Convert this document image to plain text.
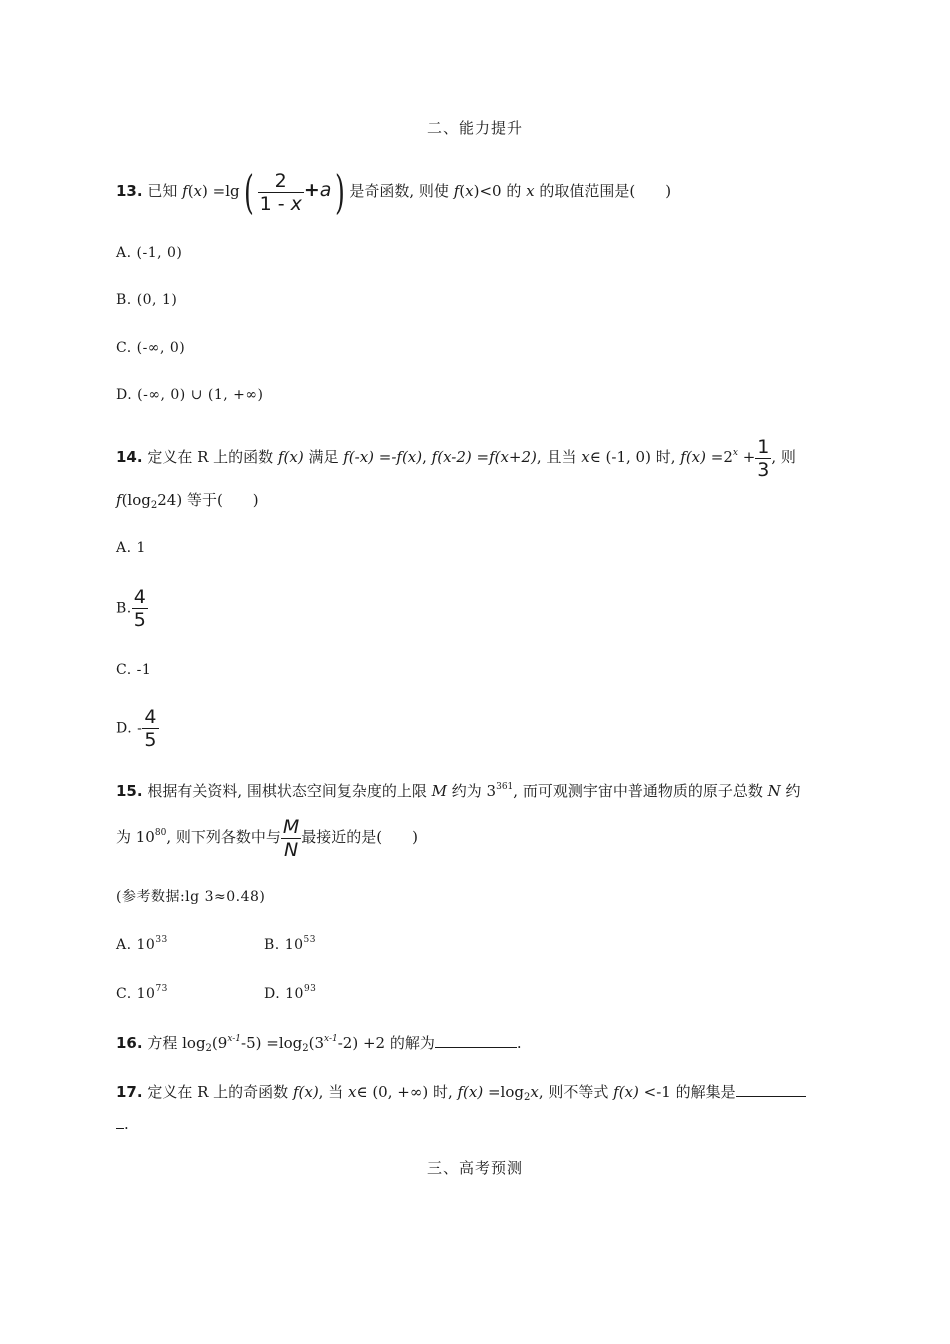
二、能力提升
13. 已知 $f(x) =\lg( \frac{2}{1 - x} +a)$ 是奇函数, 则使 f(x)<0 的 x 的取值范围是(　　)
A. (-1, 0)
B. (0, 1)
C. (-∞, 0)
D. (-∞, 0) ∪ (1, +∞)
14. 定义在 R 上的函数 f(x) 满足 f(-x) =-f(x), f(x-2) =f(x+2), 且当 x∈ (-1, 0) 时, $f(x) =2^x + \frac{1}{3}$ , 则
$f(\log_224)$ 等于(　　)
A. 1
B. $\frac{4}{5}$
C. -1
D. - $\frac{4}{5}$
15. 根据有关资料, 围棋状态空间复杂度的上限 M 约为 $3^{361}$, 而可观测宇宙中普通物质的原子总数 N 约
为 $10^{80}$, 则下列各数中与 $\frac{M}{N}$ 最接近的是(　　)
(参考数据:lg 3≈0.48)
A. $10^{33}$	B. $10^{53}$
C. $10^{73}$	D. $10^{93}$
16. 方程 $\log_2(9^{x-1}-5) =\log_2(3^{x-1}-2) +2$ 的解为	.
17. 定义在 R 上的奇函数 f(x), 当 x∈ (0, +∞) 时, $f(x) =\log_2x$, 则不等式 f(x) <-1 的解集是
.
三、高考预测
